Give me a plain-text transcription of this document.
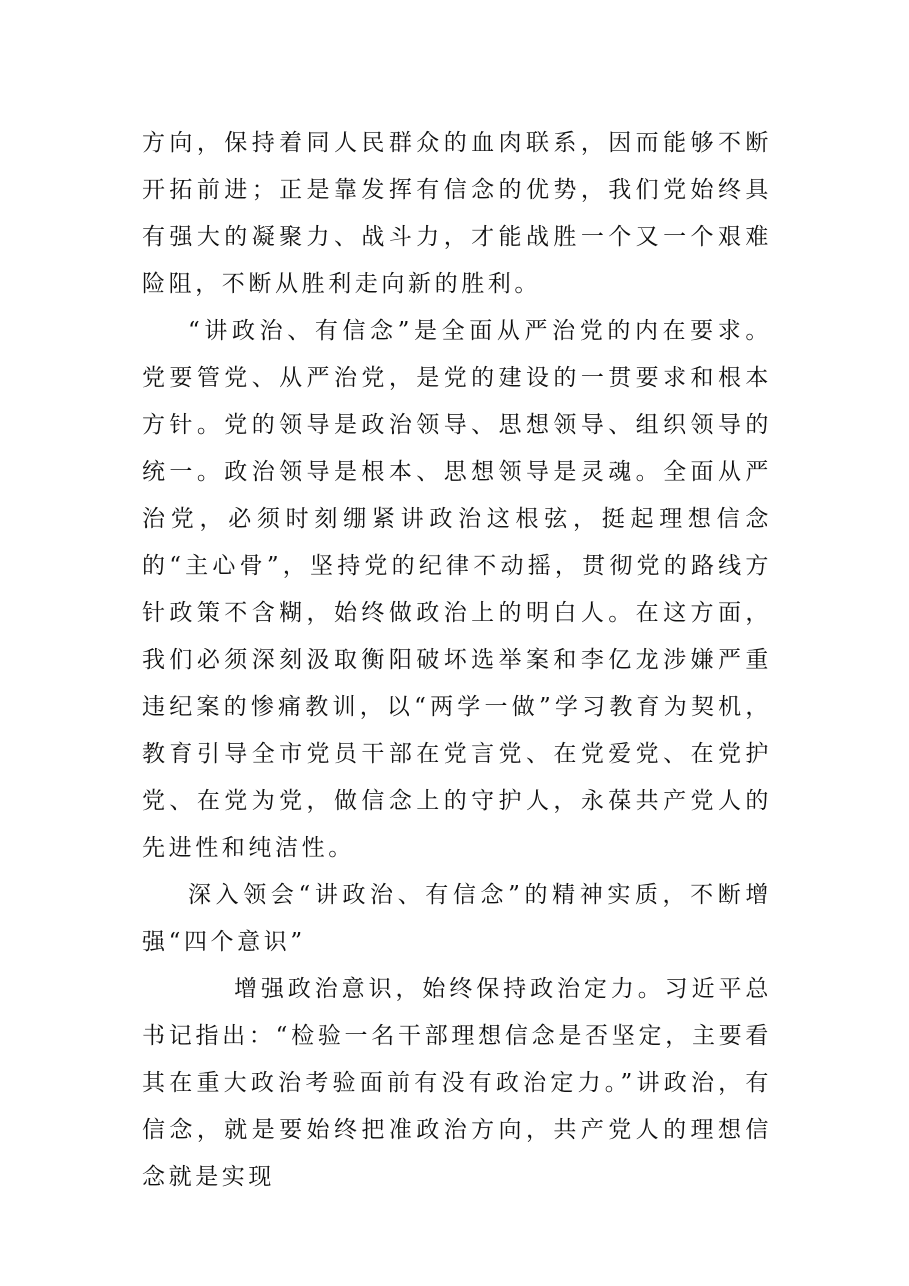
方向，保持着同人民群众的血肉联系，因而能够不断开拓前进；正是靠发挥有信念的优势，我们党始终具有强大的凝聚力、战斗力，才能战胜一个又一个艰难险阻，不断从胜利走向新的胜利。

“讲政治、有信念”是全面从严治党的内在要求。党要管党、从严治党，是党的建设的一贯要求和根本方针。党的领导是政治领导、思想领导、组织领导的统一。政治领导是根本、思想领导是灵魂。全面从严治党，必须时刻绷紧讲政治这根弦，挺起理想信念的“主心骨”，坚持党的纪律不动摇，贯彻党的路线方针政策不含糊，始终做政治上的明白人。在这方面，我们必须深刻汲取衡阳破坏选举案和李亿龙涉嫌严重违纪案的惨痛教训，以“两学一做”学习教育为契机，教育引导全市党员干部在党言党、在党爱党、在党护党、在党为党，做信念上的守护人，永葆共产党人的先进性和纯洁性。

深入领会“讲政治、有信念”的精神实质，不断增强“四个意识”

增强政治意识，始终保持政治定力。习近平总书记指出：“检验一名干部理想信念是否坚定，主要看其在重大政治考验面前有没有政治定力。”讲政治，有信念，就是要始终把准政治方向，共产党人的理想信念就是实现
